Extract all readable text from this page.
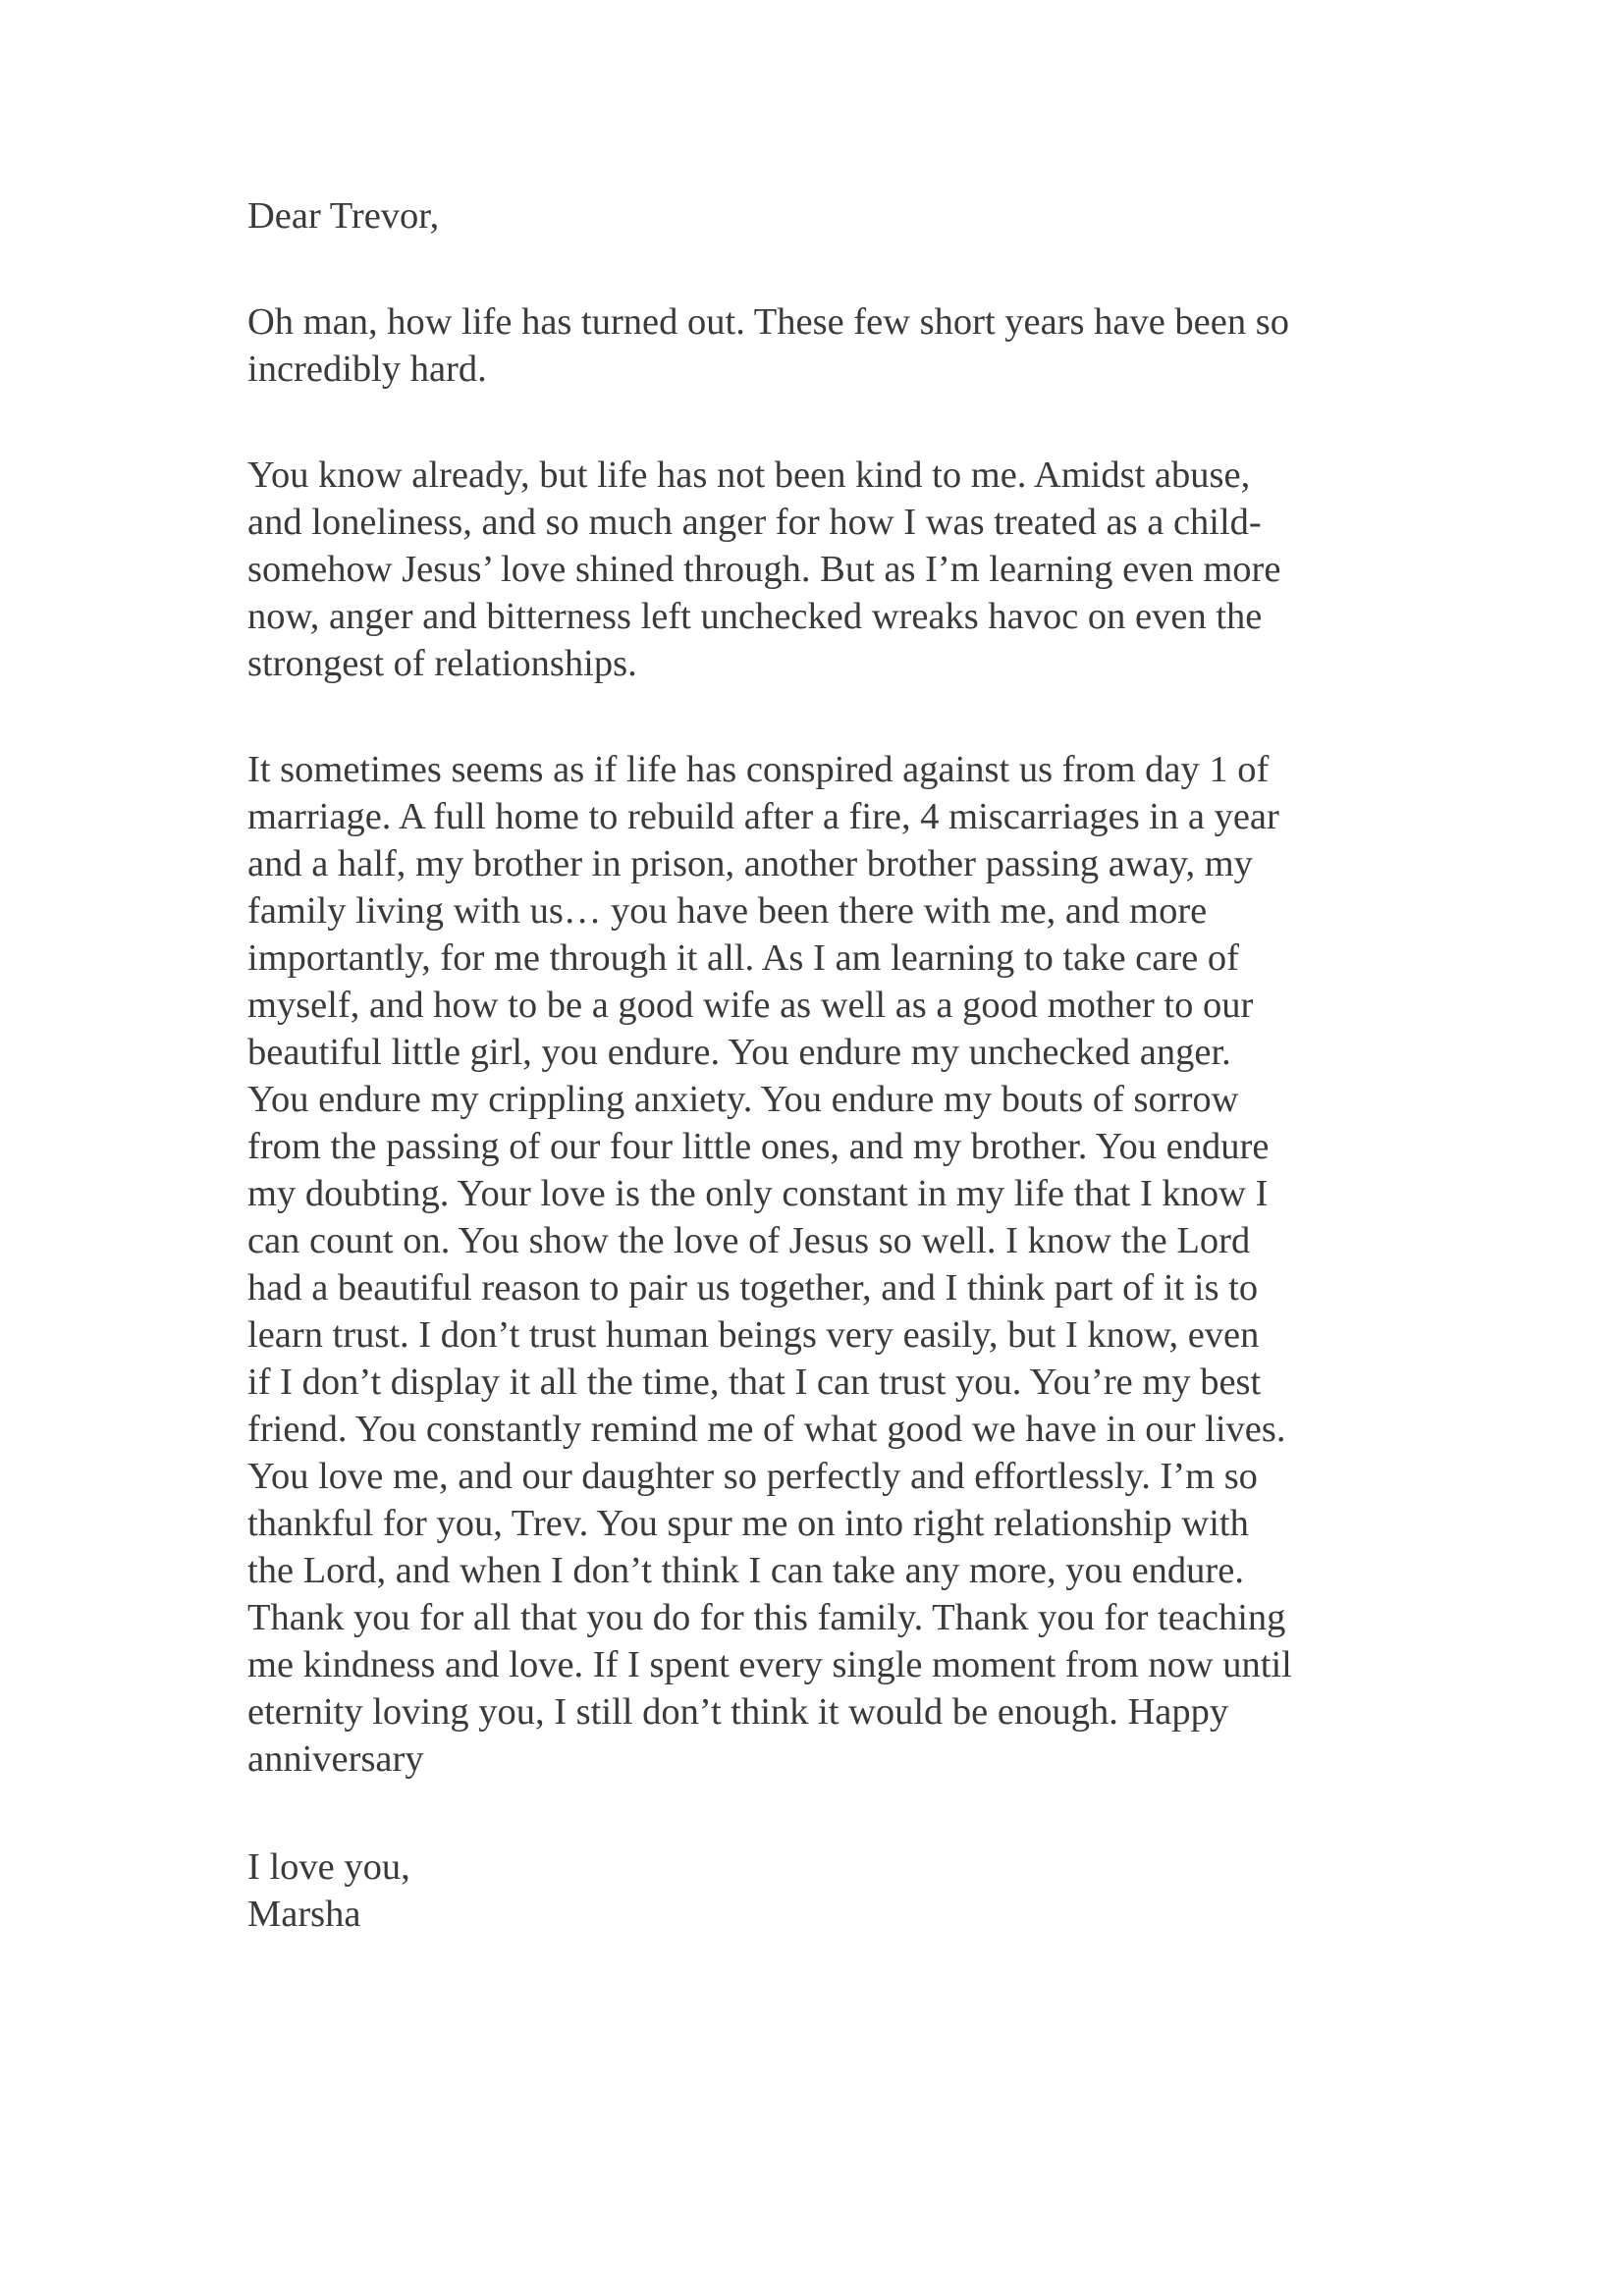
Dear Trevor,
Oh man, how life has turned out. These few short years have been so
incredibly hard.
You know already, but life has not been kind to me. Amidst abuse,
and loneliness, and so much anger for how I was treated as a child-
somehow Jesus’ love shined through. But as I’m learning even more
now, anger and bitterness left unchecked wreaks havoc on even the
strongest of relationships.
It sometimes seems as if life has conspired against us from day 1 of
marriage. A full home to rebuild after a fire, 4 miscarriages in a year
and a half, my brother in prison, another brother passing away, my
family living with us… you have been there with me, and more
importantly, for me through it all. As I am learning to take care of
myself, and how to be a good wife as well as a good mother to our
beautiful little girl, you endure. You endure my unchecked anger.
You endure my crippling anxiety. You endure my bouts of sorrow
from the passing of our four little ones, and my brother. You endure
my doubting. Your love is the only constant in my life that I know I
can count on. You show the love of Jesus so well. I know the Lord
had a beautiful reason to pair us together, and I think part of it is to
learn trust. I don’t trust human beings very easily, but I know, even
if I don’t display it all the time, that I can trust you. You’re my best
friend. You constantly remind me of what good we have in our lives.
You love me, and our daughter so perfectly and effortlessly. I’m so
thankful for you, Trev. You spur me on into right relationship with
the Lord, and when I don’t think I can take any more, you endure.
Thank you for all that you do for this family. Thank you for teaching
me kindness and love. If I spent every single moment from now until
eternity loving you, I still don’t think it would be enough. Happy
anniversary
I love you,
Marsha
